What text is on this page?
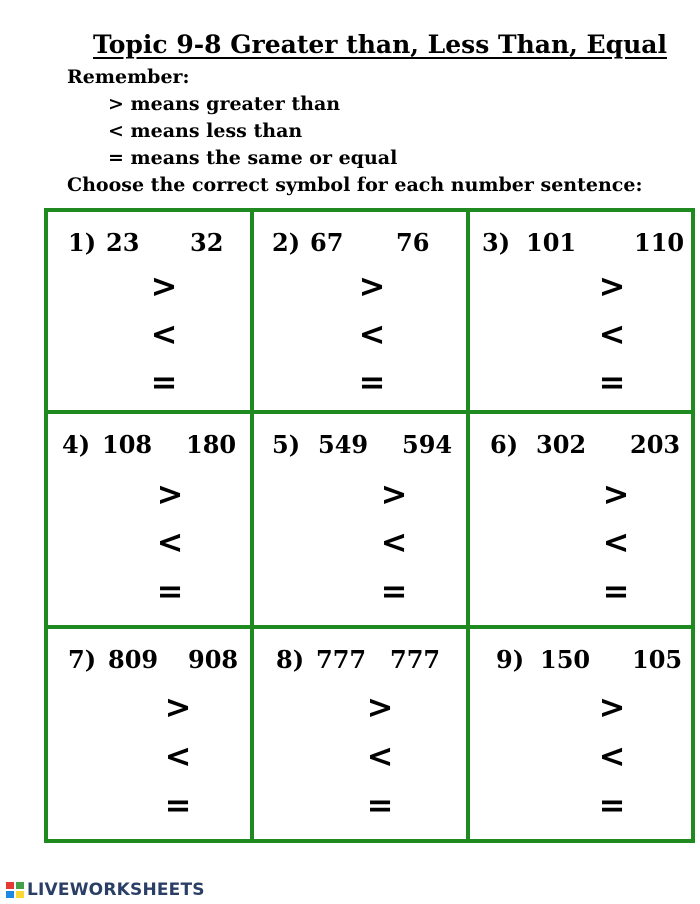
Topic 9-8 Greater than, Less Than, Equal
Remember:
> means greater than
< means less than
= means the same or equal
Choose the correct symbol for each number sentence:
1) 23 32
>
<
=
2) 67 76
>
<
=
3) 101 110
>
<
=
4) 108 180
>
<
=
5) 549 594
>
<
=
6) 302 203
>
<
=
7) 809 908
>
<
=
8) 777 777
>
<
=
9) 150 105
>
<
=
LIVEWORKSHEETS
